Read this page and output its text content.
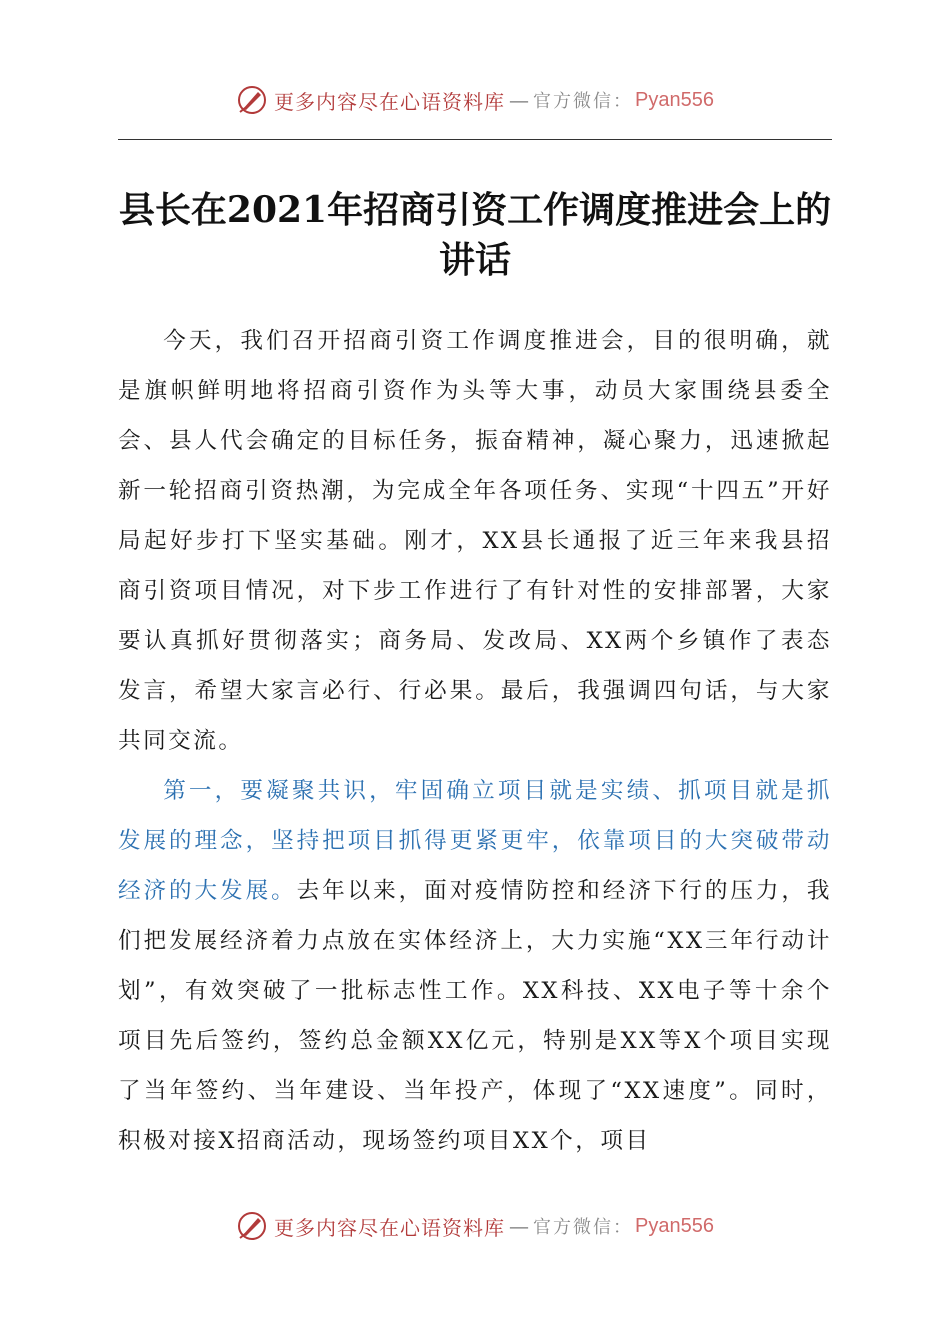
更多内容尽在心语资料库 — 官方微信： Pyan556
县长在2021年招商引资工作调度推进会上的
讲话

今天，我们召开招商引资工作调度推进会，目的很明确，就是旗帜鲜明地将招商引资作为头等大事，动员大家围绕县委全会、县人代会确定的目标任务，振奋精神，凝心聚力，迅速掀起新一轮招商引资热潮，为完成全年各项任务、实现“十四五”开好局起好步打下坚实基础。刚才，XX县长通报了近三年来我县招商引资项目情况，对下步工作进行了有针对性的安排部署，大家要认真抓好贯彻落实；商务局、发改局、XX两个乡镇作了表态发言，希望大家言必行、行必果。最后，我强调四句话，与大家共同交流。

第一，要凝聚共识，牢固确立项目就是实绩、抓项目就是抓发展的理念，坚持把项目抓得更紧更牢，依靠项目的大突破带动经济的大发展。去年以来，面对疫情防控和经济下行的压力，我们把发展经济着力点放在实体经济上，大力实施“XX三年行动计划”，有效突破了一批标志性工作。XX科技、XX电子等十余个项目先后签约，签约总金额XX亿元，特别是XX等X个项目实现了当年签约、当年建设、当年投产，体现了“XX速度”。同时，积极对接X招商活动，现场签约项目XX个，项目

更多内容尽在心语资料库 — 官方微信： Pyan556
